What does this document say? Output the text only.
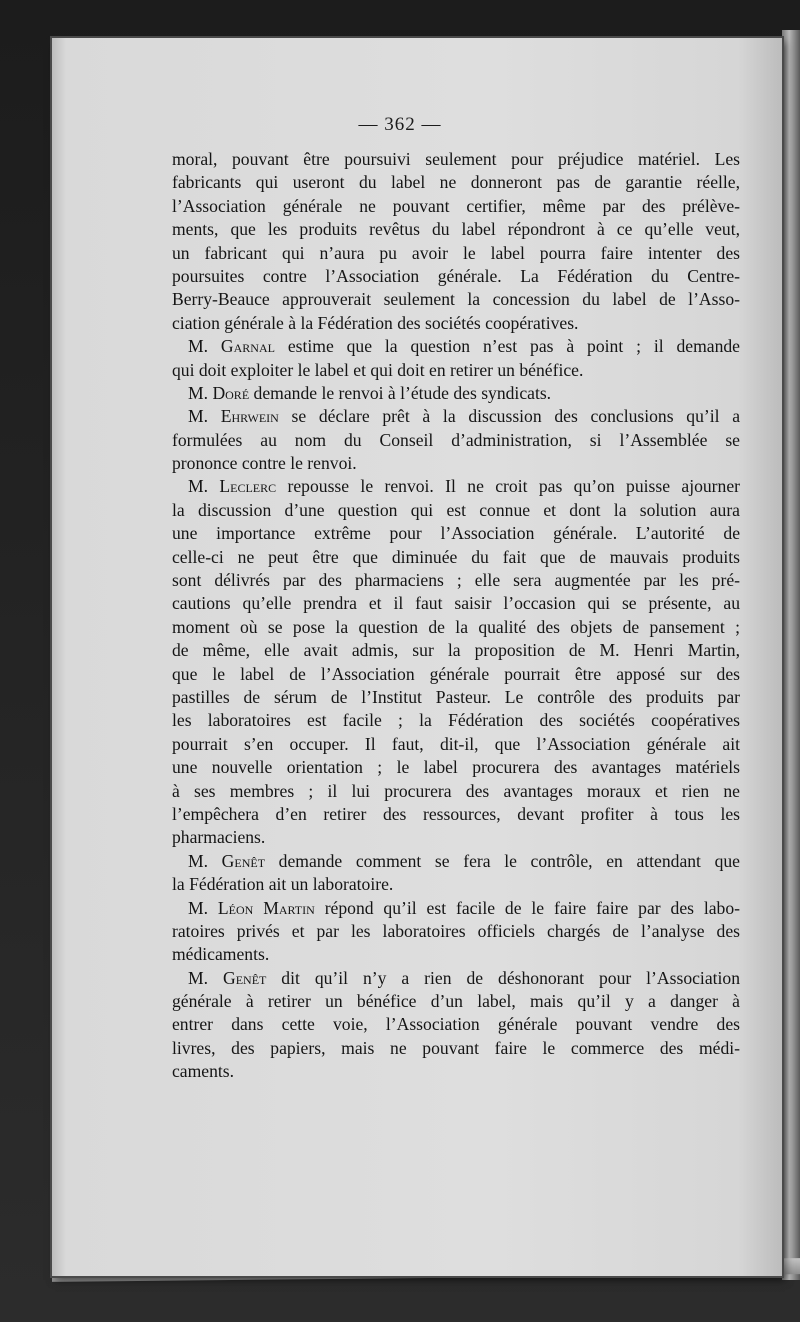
— 362 —
moral, pouvant être poursuivi seulement pour préjudice matériel. Les
fabricants qui useront du label ne donneront pas de garantie réelle,
l’Association générale ne pouvant certifier, même par des prélève-
ments, que les produits revêtus du label répondront à ce qu’elle veut,
un fabricant qui n’aura pu avoir le label pourra faire intenter des
poursuites contre l’Association générale. La Fédération du Centre-
Berry-Beauce approuverait seulement la concession du label de l’Asso-
ciation générale à la Fédération des sociétés coopératives.
M. Garnal estime que la question n’est pas à point ; il demande
qui doit exploiter le label et qui doit en retirer un bénéfice.
M. Doré demande le renvoi à l’étude des syndicats.
M. Ehrwein se déclare prêt à la discussion des conclusions qu’il a
formulées au nom du Conseil d’administration, si l’Assemblée se
prononce contre le renvoi.
M. Leclerc repousse le renvoi. Il ne croit pas qu’on puisse ajourner
la discussion d’une question qui est connue et dont la solution aura
une importance extrême pour l’Association générale. L’autorité de
celle-ci ne peut être que diminuée du fait que de mauvais produits
sont délivrés par des pharmaciens ; elle sera augmentée par les pré-
cautions qu’elle prendra et il faut saisir l’occasion qui se présente, au
moment où se pose la question de la qualité des objets de pansement ;
de même, elle avait admis, sur la proposition de M. Henri Martin,
que le label de l’Association générale pourrait être apposé sur des
pastilles de sérum de l’Institut Pasteur. Le contrôle des produits par
les laboratoires est facile ; la Fédération des sociétés coopératives
pourrait s’en occuper. Il faut, dit-il, que l’Association générale ait
une nouvelle orientation ; le label procurera des avantages matériels
à ses membres ; il lui procurera des avantages moraux et rien ne
l’empêchera d’en retirer des ressources, devant profiter à tous les
pharmaciens.
M. Genêt demande comment se fera le contrôle, en attendant que
la Fédération ait un laboratoire.
M. Léon Martin répond qu’il est facile de le faire faire par des labo-
ratoires privés et par les laboratoires officiels chargés de l’analyse des
médicaments.
M. Genêt dit qu’il n’y a rien de déshonorant pour l’Association
générale à retirer un bénéfice d’un label, mais qu’il y a danger à
entrer dans cette voie, l’Association générale pouvant vendre des
livres, des papiers, mais ne pouvant faire le commerce des médi-
caments.
